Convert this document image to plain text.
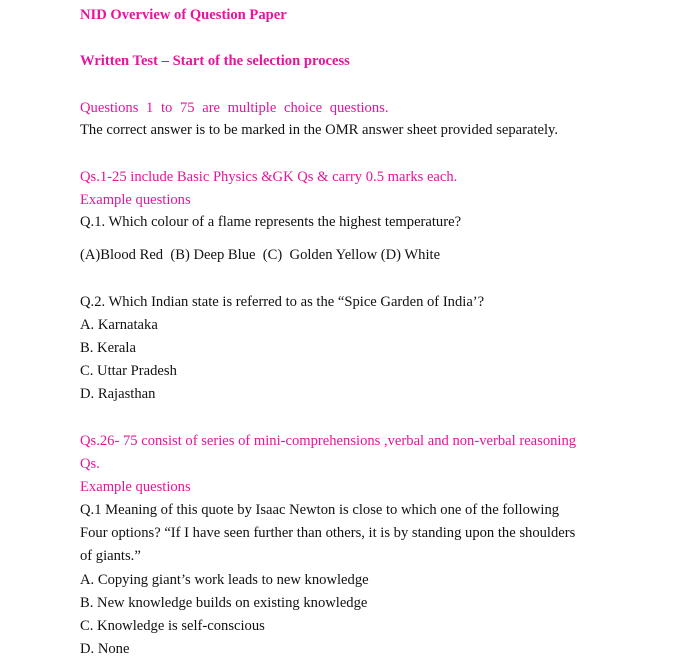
NID Overview of Question Paper
Written Test – Start of the selection process
Questions 1 to 75 are multiple choice questions.
The correct answer is to be marked in the OMR answer sheet provided separately.
Qs.1-25 include Basic Physics &GK Qs & carry 0.5 marks each.
Example questions
Q.1. Which colour of a flame represents the highest temperature?
(A)Blood Red  (B) Deep Blue  (C)  Golden Yellow (D) White
Q.2. Which Indian state is referred to as the “Spice Garden of India’?
A. Karnataka
B. Kerala
C. Uttar Pradesh
D. Rajasthan
Qs.26- 75 consist of series of mini-comprehensions ,verbal and non-verbal reasoning
Qs.
Example questions
Q.1 Meaning of this quote by Isaac Newton is close to which one of the following
Four options? “If I have seen further than others, it is by standing upon the shoulders
of giants.”
A. Copying giant’s work leads to new knowledge
B. New knowledge builds on existing knowledge
C. Knowledge is self-conscious
D. None
